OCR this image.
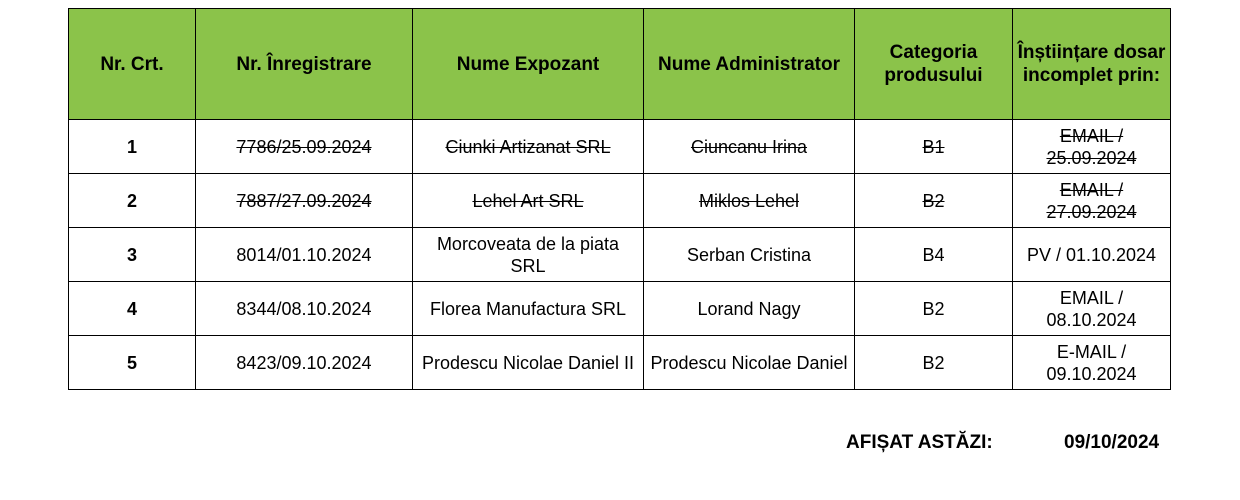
Nr. Crt.	Nr. Înregistrare	Nume Expozant	Nume Administrator	Categoria produsului	Înștiințare dosar incomplet prin:
1	7786/25.09.2024	Ciunki Artizanat SRL	Ciuncanu Irina	B1	EMAIL / 25.09.2024
2	7887/27.09.2024	Lehel Art SRL	Miklos Lehel	B2	EMAIL / 27.09.2024
3	8014/01.10.2024	Morcoveata de la piata SRL	Serban Cristina	B4	PV / 01.10.2024
4	8344/08.10.2024	Florea Manufactura SRL	Lorand Nagy	B2	EMAIL / 08.10.2024
5	8423/09.10.2024	Prodescu Nicolae Daniel II	Prodescu Nicolae Daniel	B2	E-MAIL / 09.10.2024
AFIȘAT ASTĂZI:	09/10/2024
